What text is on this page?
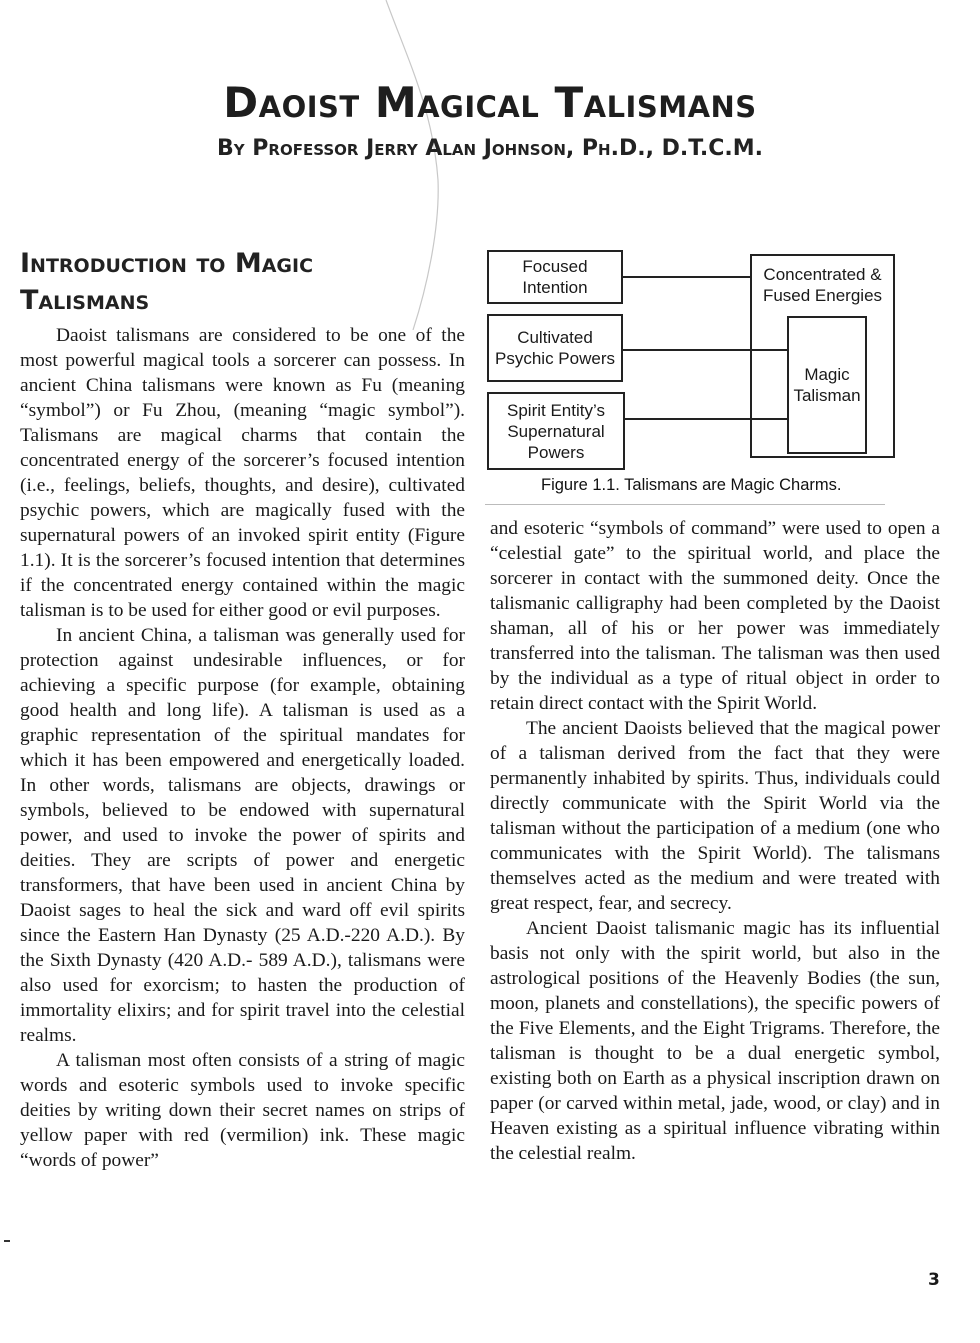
Daoist Magical Talismans
By Professor Jerry Alan Johnson, Ph.D., D.T.C.M.
Introduction to Magic
Talismans

Daoist talismans are considered to be one of the most powerful magical tools a sorcerer can possess. In ancient China talismans were known as Fu (meaning “symbol”) or Fu Zhou, (meaning “magic symbol”). Talismans are magical charms that contain the concentrated energy of the sorcerer’s focused intention (i.e., feelings, beliefs, thoughts, and desire), cultivated psychic powers, which are magically fused with the supernatural powers of an invoked spirit entity (Figure 1.1). It is the sorcerer’s focused intention that determines if the concentrated energy contained within the magic talisman is to be used for either good or evil purposes.

In ancient China, a talisman was generally used for protection against undesirable influences, or for achieving a specific purpose (for example, obtaining good health and long life). A talisman is used as a graphic representation of the spiritual mandates for which it has been empowered and energetically loaded. In other words, talismans are objects, drawings or symbols, believed to be endowed with supernatural power, and used to invoke the power of spirits and deities. They are scripts of power and energetic transformers, that have been used in ancient China by Daoist sages to heal the sick and ward off evil spirits since the Eastern Han Dynasty (25 A.D.-220 A.D.). By the Sixth Dynasty (420 A.D.- 589 A.D.), talismans were also used for exorcism; to hasten the production of immortality elixirs; and for spirit travel into the celestial realms.

A talisman most often consists of a string of magic words and esoteric symbols used to invoke specific deities by writing down their secret names on strips of yellow paper with red (vermilion) ink. These magic “words of power”

Focused Intention
Cultivated Psychic Powers
Spirit Entity’s Supernatural Powers
Concentrated & Fused Energies
Magic Talisman
Figure 1.1. Talismans are Magic Charms.

and esoteric “symbols of command” were used to open a “celestial gate” to the spiritual world, and place the sorcerer in contact with the summoned deity. Once the talismanic calligraphy had been completed by the Daoist shaman, all of his or her power was immediately transferred into the talisman. The talisman was then used by the individual as a type of ritual object in order to retain direct contact with the Spirit World.

The ancient Daoists believed that the magical power of a talisman derived from the fact that they were permanently inhabited by spirits. Thus, individuals could directly communicate with the Spirit World via the talisman without the participation of a medium (one who communicates with the Spirit World). The talismans themselves acted as the medium and were treated with great respect, fear, and secrecy.

Ancient Daoist talismanic magic has its influential basis not only with the spirit world, but also in the astrological positions of the Heavenly Bodies (the sun, moon, planets and constellations), the specific powers of the Five Elements, and the Eight Trigrams. Therefore, the talisman is thought to be a dual energetic symbol, existing both on Earth as a physical inscription drawn on paper (or carved within metal, jade, wood, or clay) and in Heaven existing as a spiritual influence vibrating within the celestial realm.

3
